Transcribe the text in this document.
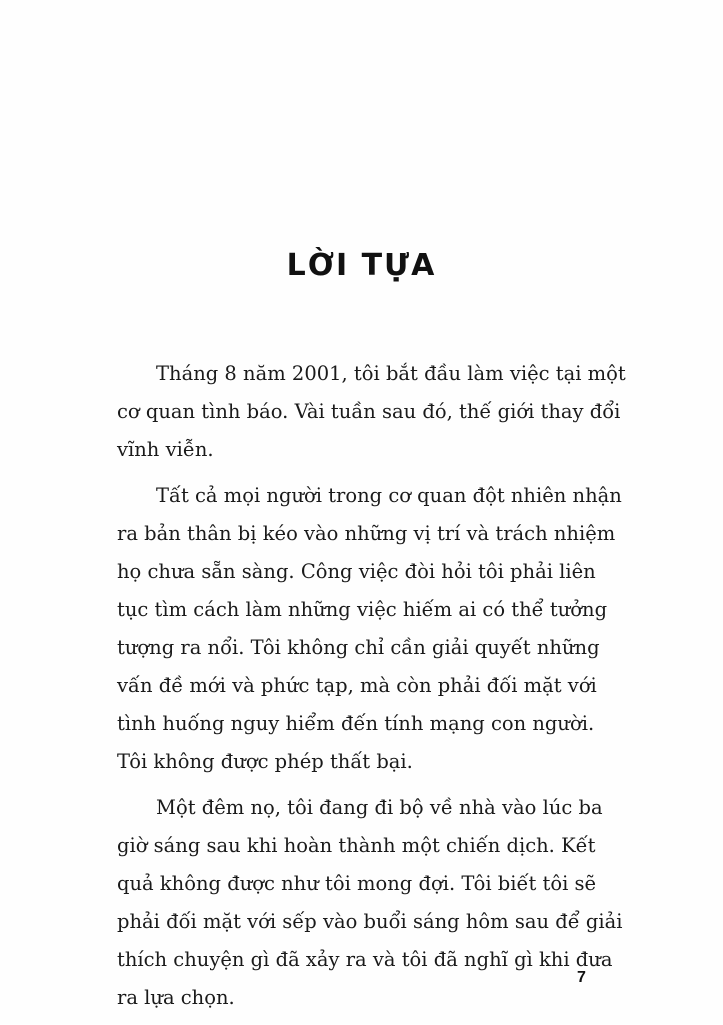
LỜI TỰA

Tháng 8 năm 2001, tôi bắt đầu làm việc tại một
cơ quan tình báo. Vài tuần sau đó, thế giới thay đổi
vĩnh viễn.

Tất cả mọi người trong cơ quan đột nhiên nhận
ra bản thân bị kéo vào những vị trí và trách nhiệm
họ chưa sẵn sàng. Công việc đòi hỏi tôi phải liên
tục tìm cách làm những việc hiếm ai có thể tưởng
tượng ra nổi. Tôi không chỉ cần giải quyết những
vấn đề mới và phức tạp, mà còn phải đối mặt với
tình huống nguy hiểm đến tính mạng con người.
Tôi không được phép thất bại.

Một đêm nọ, tôi đang đi bộ về nhà vào lúc ba
giờ sáng sau khi hoàn thành một chiến dịch. Kết
quả không được như tôi mong đợi. Tôi biết tôi sẽ
phải đối mặt với sếp vào buổi sáng hôm sau để giải
thích chuyện gì đã xảy ra và tôi đã nghĩ gì khi đưa
ra lựa chọn.

7
